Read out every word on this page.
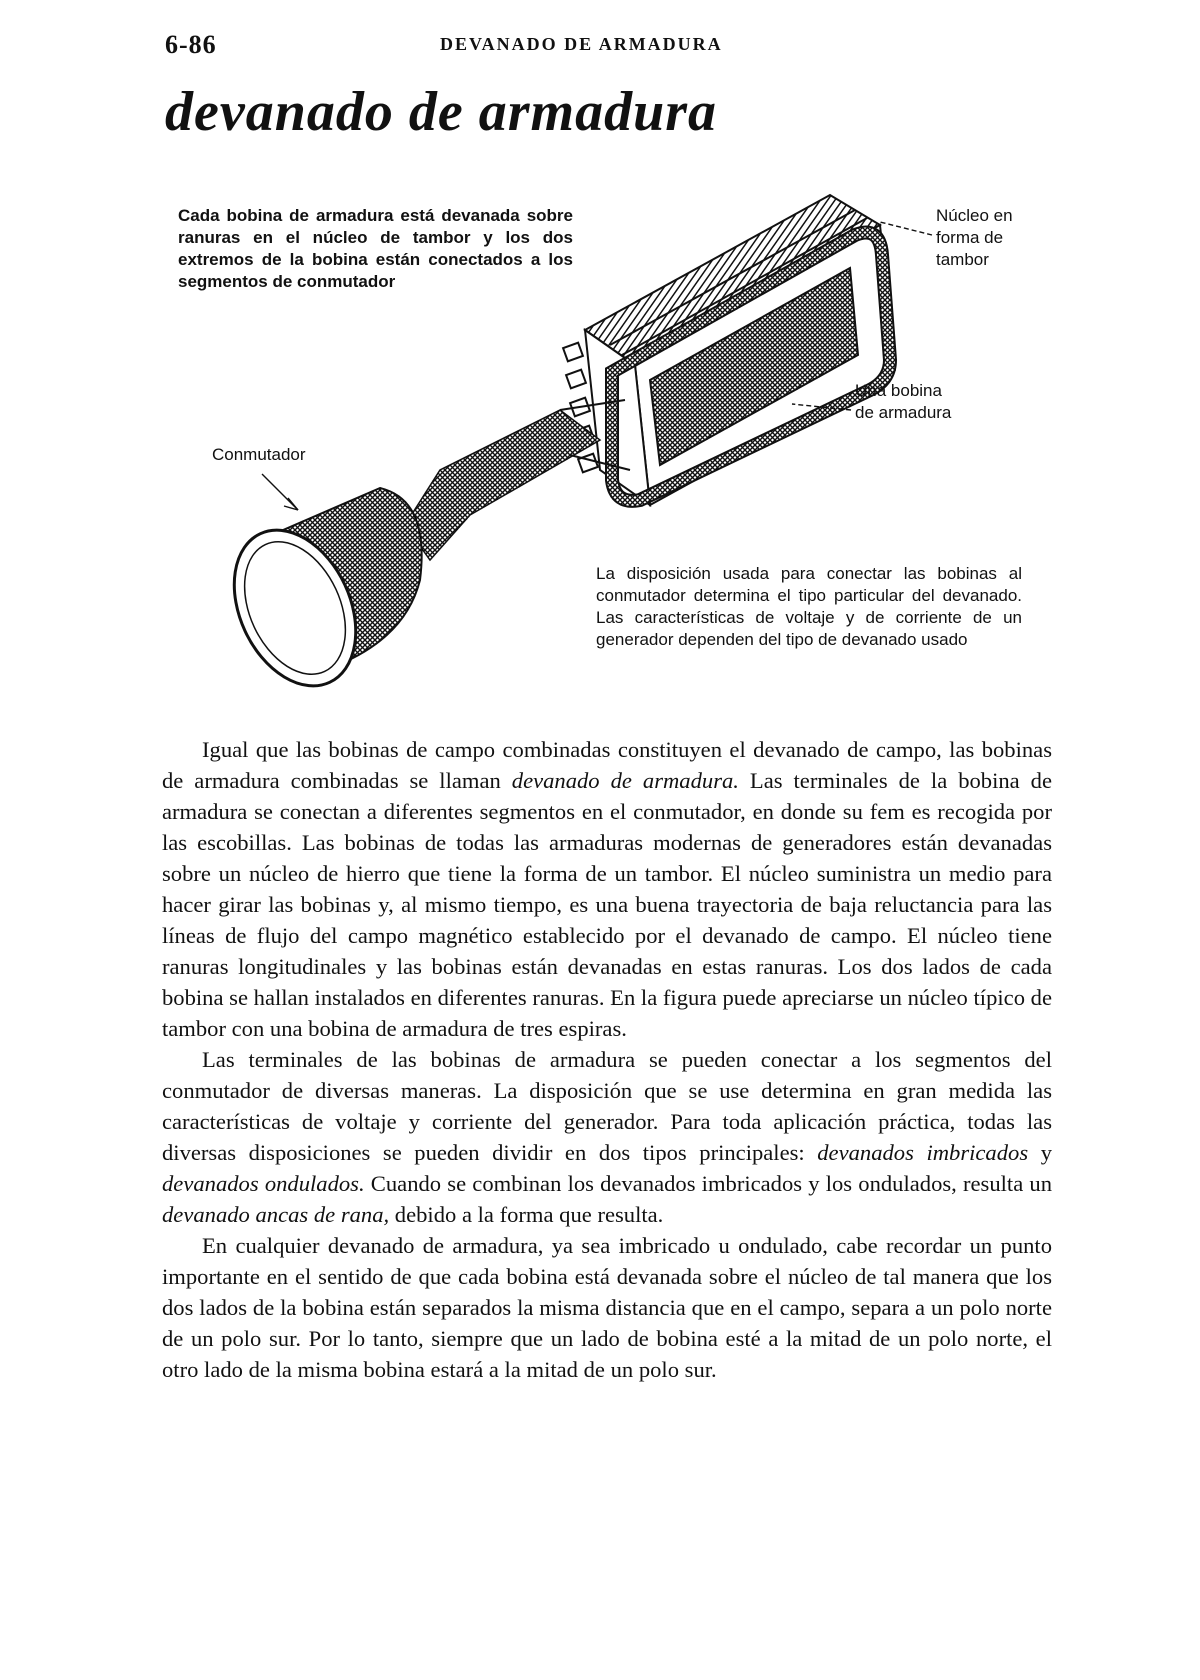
6-86	DEVANADO DE ARMADURA
devanado de armadura
Cada bobina de armadura está devanada sobre ranuras en el núcleo de tambor y los dos extremos de la bobina están conectados a los segmentos de conmutador
Núcleo en forma de tambor
Una bobina de armadura
Conmutador
La disposición usada para conectar las bobinas al conmutador determina el tipo particular del devanado. Las características de voltaje y de corriente de un generador dependen del tipo de devanado usado

Igual que las bobinas de campo combinadas constituyen el devanado de campo, las bobinas de armadura combinadas se llaman devanado de armadura. Las terminales de la bobina de armadura se conectan a diferentes segmentos en el conmutador, en donde su fem es recogida por las escobillas. Las bobinas de todas las armaduras modernas de generadores están devanadas sobre un núcleo de hierro que tiene la forma de un tambor. El núcleo suministra un medio para hacer girar las bobinas y, al mismo tiempo, es una buena trayectoria de baja reluctancia para las líneas de flujo del campo magnético establecido por el devanado de campo. El núcleo tiene ranuras longitudinales y las bobinas están devanadas en estas ranuras. Los dos lados de cada bobina se hallan instalados en diferentes ranuras. En la figura puede apreciarse un núcleo típico de tambor con una bobina de armadura de tres espiras.

Las terminales de las bobinas de armadura se pueden conectar a los segmentos del conmutador de diversas maneras. La disposición que se use determina en gran medida las características de voltaje y corriente del generador. Para toda aplicación práctica, todas las diversas disposiciones se pueden dividir en dos tipos principales: devanados imbricados y devanados ondulados. Cuando se combinan los devanados imbricados y los ondulados, resulta un devanado ancas de rana, debido a la forma que resulta.

En cualquier devanado de armadura, ya sea imbricado u ondulado, cabe recordar un punto importante en el sentido de que cada bobina está devanada sobre el núcleo de tal manera que los dos lados de la bobina están separados la misma distancia que en el campo, separa a un polo norte de un polo sur. Por lo tanto, siempre que un lado de bobina esté a la mitad de un polo norte, el otro lado de la misma bobina estará a la mitad de un polo sur.
